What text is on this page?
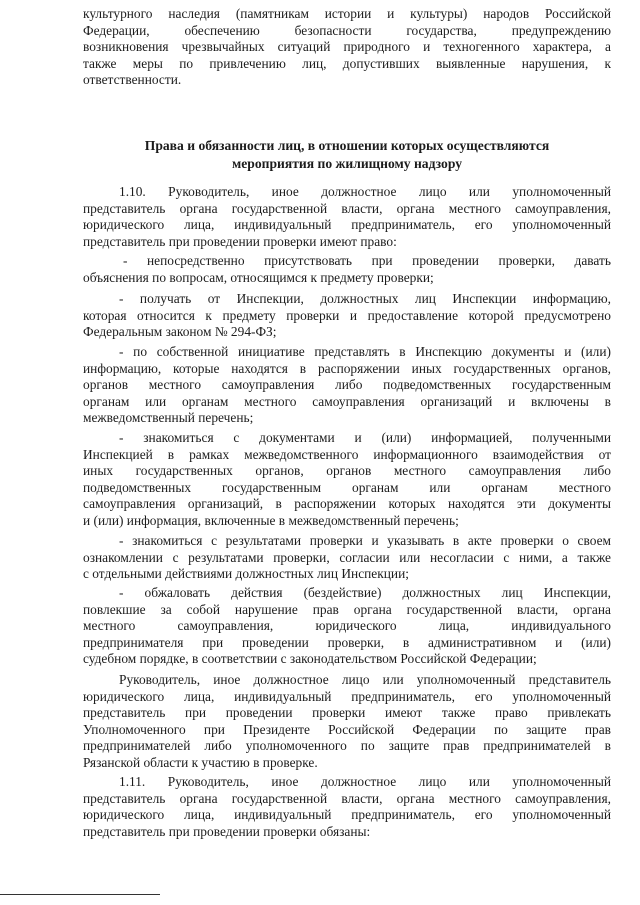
культурного наследия (памятникам истории и культуры) народов Российской

Федерации, обеспечению безопасности государства, предупреждению

возникновения чрезвычайных ситуаций природного и техногенного характера, а

также меры по привлечению лиц, допустивших выявленные нарушения, к

ответственности.

Права и обязанности лиц, в отношении которых осуществляются

мероприятия по жилищному надзору

1.10. Руководитель, иное должностное лицо или уполномоченный

представитель органа государственной власти, органа местного самоуправления,

юридического лица, индивидуальный предприниматель, его уполномоченный

представитель при проведении проверки имеют право:

- непосредственно присутствовать при проведении проверки, давать

объяснения по вопросам, относящимся к предмету проверки;

- получать от Инспекции, должностных лиц Инспекции информацию,

которая относится к предмету проверки и предоставление которой предусмотрено

Федеральным законом № 294-ФЗ;

- по собственной инициативе представлять в Инспекцию документы и (или)

информацию, которые находятся в распоряжении иных государственных органов,

органов местного самоуправления либо подведомственных государственным

органам или органам местного самоуправления организаций и включены в

межведомственный перечень;

- знакомиться с документами и (или) информацией, полученными

Инспекцией в рамках межведомственного информационного взаимодействия от

иных государственных органов, органов местного самоуправления либо

подведомственных государственным органам или органам местного

самоуправления организаций, в распоряжении которых находятся эти документы

и (или) информация, включенные в межведомственный перечень;

- знакомиться с результатами проверки и указывать в акте проверки о своем

ознакомлении с результатами проверки, согласии или несогласии с ними, а также

с отдельными действиями должностных лиц Инспекции;

- обжаловать действия (бездействие) должностных лиц Инспекции,

повлекшие за собой нарушение прав органа государственной власти, органа

местного самоуправления, юридического лица, индивидуального

предпринимателя при проведении проверки, в административном и (или)

судебном порядке, в соответствии с законодательством Российской Федерации;

Руководитель, иное должностное лицо или уполномоченный представитель

юридического лица, индивидуальный предприниматель, его уполномоченный

представитель при проведении проверки имеют также право привлекать

Уполномоченного при Президенте Российской Федерации по защите прав

предпринимателей либо уполномоченного по защите прав предпринимателей в

Рязанской области к участию в проверке.

1.11. Руководитель, иное должностное лицо или уполномоченный

представитель органа государственной власти, органа местного самоуправления,

юридического лица, индивидуальный предприниматель, его уполномоченный

представитель при проведении проверки обязаны:
